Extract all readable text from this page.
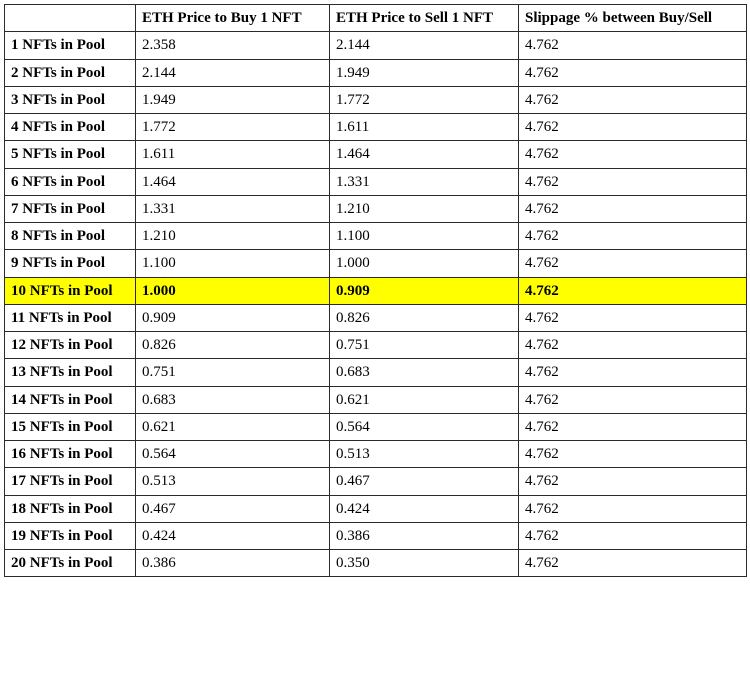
	ETH Price to Buy 1 NFT	ETH Price to Sell 1 NFT	Slippage % between Buy/Sell
1 NFTs in Pool	2.358	2.144	4.762
2 NFTs in Pool	2.144	1.949	4.762
3 NFTs in Pool	1.949	1.772	4.762
4 NFTs in Pool	1.772	1.611	4.762
5 NFTs in Pool	1.611	1.464	4.762
6 NFTs in Pool	1.464	1.331	4.762
7 NFTs in Pool	1.331	1.210	4.762
8 NFTs in Pool	1.210	1.100	4.762
9 NFTs in Pool	1.100	1.000	4.762
10 NFTs in Pool	1.000	0.909	4.762
11 NFTs in Pool	0.909	0.826	4.762
12 NFTs in Pool	0.826	0.751	4.762
13 NFTs in Pool	0.751	0.683	4.762
14 NFTs in Pool	0.683	0.621	4.762
15 NFTs in Pool	0.621	0.564	4.762
16 NFTs in Pool	0.564	0.513	4.762
17 NFTs in Pool	0.513	0.467	4.762
18 NFTs in Pool	0.467	0.424	4.762
19 NFTs in Pool	0.424	0.386	4.762
20 NFTs in Pool	0.386	0.350	4.762
